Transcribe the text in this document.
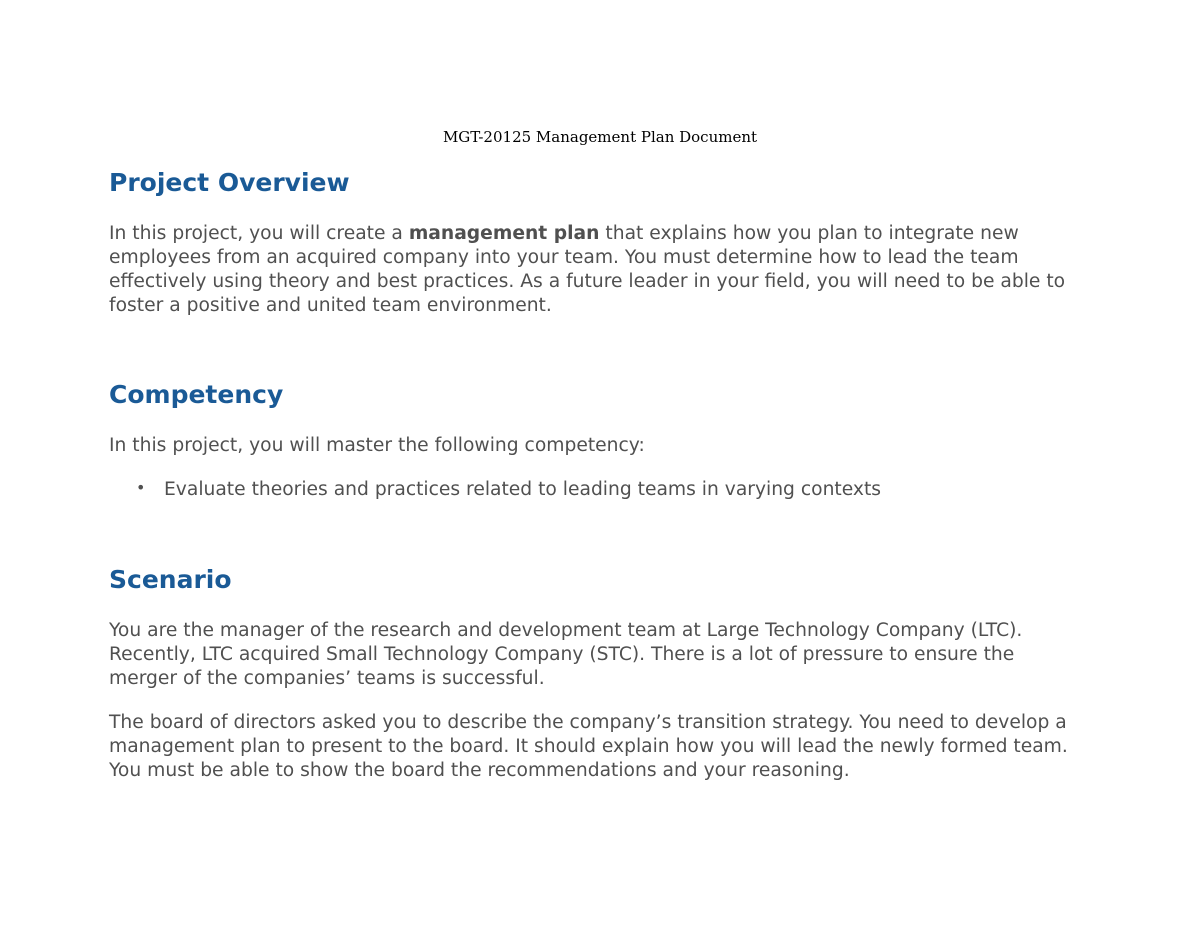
MGT-20125 Management Plan Document
Project Overview

In this project, you will create a management plan that explains how you plan to integrate new employees from an acquired company into your team. You must determine how to lead the team effectively using theory and best practices. As a future leader in your field, you will need to be able to foster a positive and united team environment.

Competency

In this project, you will master the following competency:

• Evaluate theories and practices related to leading teams in varying contexts

Scenario

You are the manager of the research and development team at Large Technology Company (LTC). Recently, LTC acquired Small Technology Company (STC). There is a lot of pressure to ensure the merger of the companies’ teams is successful.

The board of directors asked you to describe the company’s transition strategy. You need to develop a management plan to present to the board. It should explain how you will lead the newly formed team. You must be able to show the board the recommendations and your reasoning.
